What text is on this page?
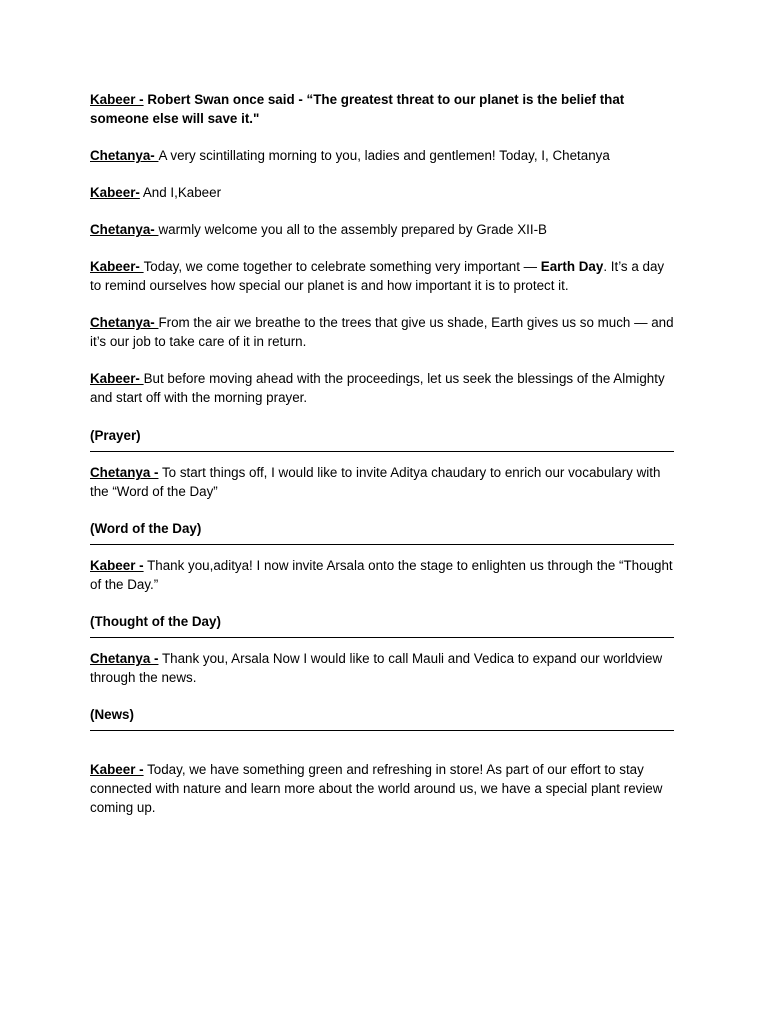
Kabeer - Robert Swan once said - “The greatest threat to our planet is the belief that someone else will save it."

Chetanya- A very scintillating morning to you, ladies and gentlemen! Today, I, Chetanya

Kabeer- And I,Kabeer

Chetanya- warmly welcome you all to the assembly prepared by Grade XII-B

Kabeer- Today, we come together to celebrate something very important — Earth Day. It’s a day to remind ourselves how special our planet is and how important it is to protect it.

Chetanya- From the air we breathe to the trees that give us shade, Earth gives us so much — and it’s our job to take care of it in return.

Kabeer- But before moving ahead with the proceedings, let us seek the blessings of the Almighty and start off with the morning prayer.

(Prayer)

Chetanya - To start things off, I would like to invite Aditya chaudary to enrich our vocabulary with the “Word of the Day”

(Word of the Day)

Kabeer - Thank you,aditya! I now invite Arsala onto the stage to enlighten us through the “Thought of the Day.”

(Thought of the Day)

Chetanya - Thank you, Arsala Now I would like to call Mauli and Vedica to expand our worldview through the news.

(News)

Kabeer - Today, we have something green and refreshing in store! As part of our effort to stay connected with nature and learn more about the world around us, we have a special plant review coming up.
